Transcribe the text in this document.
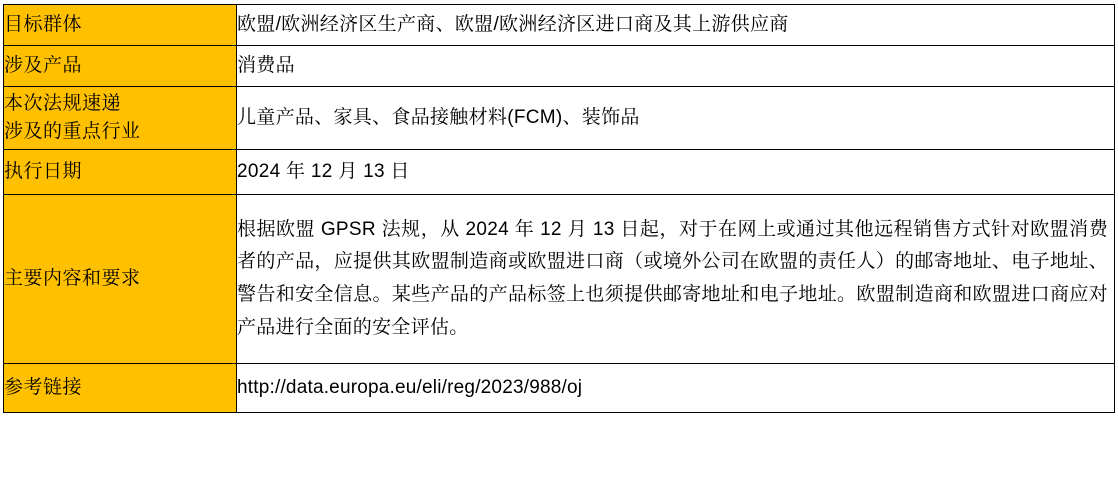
目标群体	欧盟/欧洲经济区生产商、欧盟/欧洲经济区进口商及其上游供应商

涉及产品	消费品

本次法规速递
涉及的重点行业	儿童产品、家具、食品接触材料(FCM)、装饰品

执行日期	2024 年 12 月 13 日

主要内容和要求	根据欧盟 GPSR 法规，从 2024 年 12 月 13 日起，对于在网上或通过其他远程销售方式针对欧盟消费者的产品，应提供其欧盟制造商或欧盟进口商（或境外公司在欧盟的责任人）的邮寄地址、电子地址、警告和安全信息。某些产品的产品标签上也须提供邮寄地址和电子地址。欧盟制造商和欧盟进口商应对产品进行全面的安全评估。

参考链接	http://data.europa.eu/eli/reg/2023/988/oj
